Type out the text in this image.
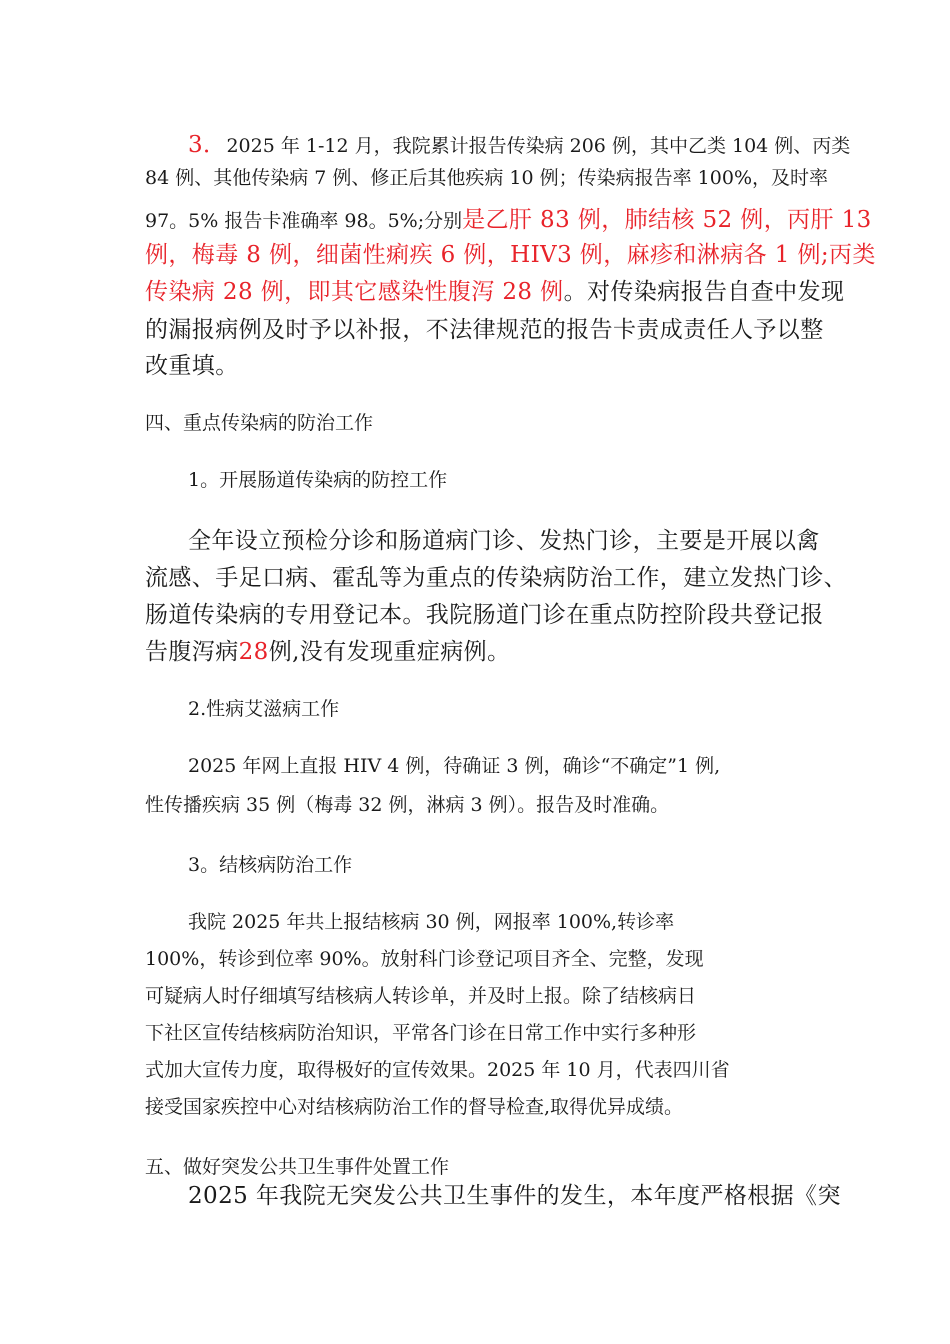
3．2025 年 1-12 月，我院累计报告传染病 206 例，其中乙类 104 例、丙类
84 例、其他传染病 7 例、修正后其他疾病 10 例；传染病报告率 100%，及时率
97。5% 报告卡准确率 98。5%;分别是乙肝 83 例，肺结核 52 例，丙肝 13
例，梅毒 8 例，细菌性痢疾 6 例，HIV3 例，麻疹和淋病各 1 例;丙类
传染病 28 例，即其它感染性腹泻 28 例。对传染病报告自查中发现
的漏报病例及时予以补报，不法律规范的报告卡责成责任人予以整
改重填。
四、重点传染病的防治工作
1。开展肠道传染病的防控工作
全年设立预检分诊和肠道病门诊、发热门诊，主要是开展以禽
流感、手足口病、霍乱等为重点的传染病防治工作，建立发热门诊、
肠道传染病的专用登记本。我院肠道门诊在重点防控阶段共登记报
告腹泻病28例,没有发现重症病例。
2.性病艾滋病工作
2025 年网上直报 HIV 4 例，待确证 3 例，确诊“不确定”1 例,
性传播疾病 35 例（梅毒 32 例，淋病 3 例）。报告及时准确。
3。结核病防治工作
我院 2025 年共上报结核病 30 例，网报率 100%,转诊率
100%，转诊到位率 90%。放射科门诊登记项目齐全、完整，发现
可疑病人时仔细填写结核病人转诊单，并及时上报。除了结核病日
下社区宣传结核病防治知识，平常各门诊在日常工作中实行多种形
式加大宣传力度，取得极好的宣传效果。2025 年 10 月，代表四川省
接受国家疾控中心对结核病防治工作的督导检查,取得优异成绩。
五、做好突发公共卫生事件处置工作
2025 年我院无突发公共卫生事件的发生，本年度严格根据《突
